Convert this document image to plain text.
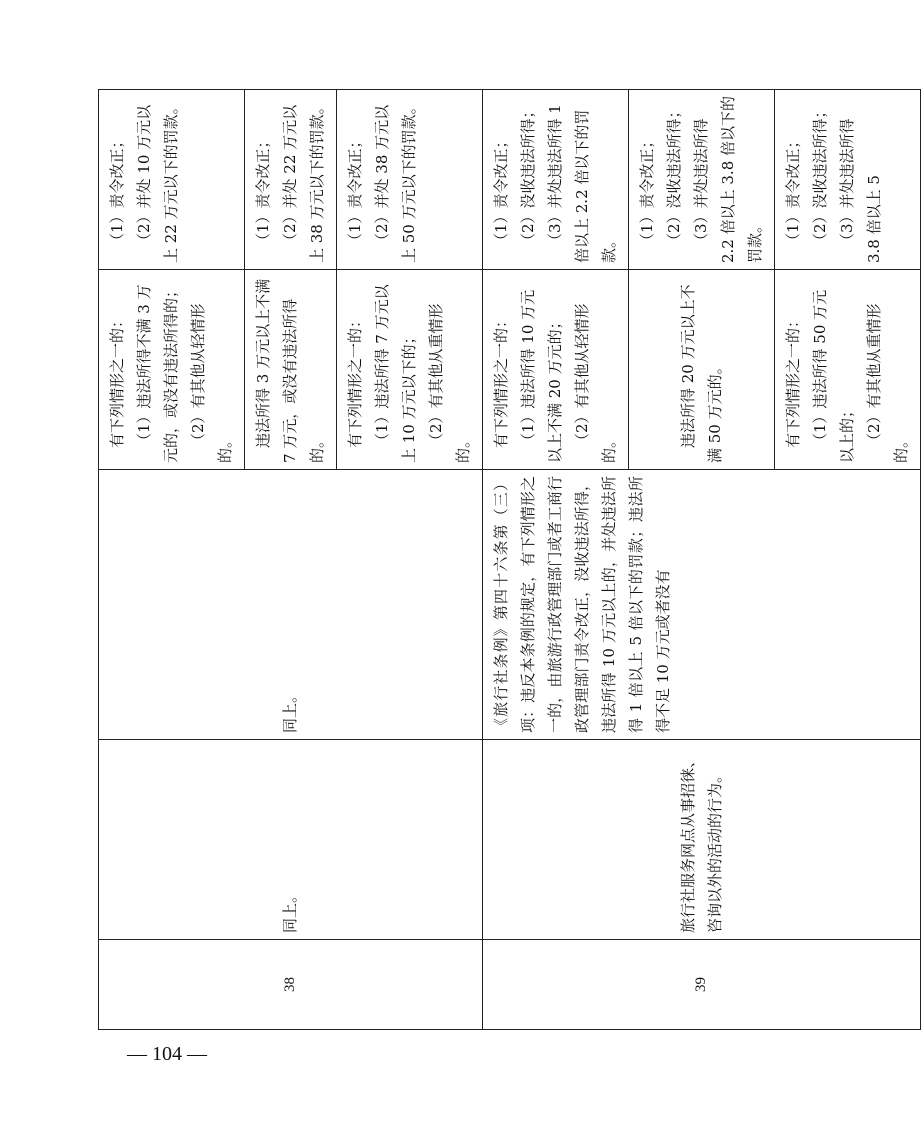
38	同上。	同上。	有下列情形之一的： （1）违法所得不满 3 万元的，或没有违法所得的； （2）有其他从轻情形的。	（1）责令改正； （2）并处 10 万元以上 22 万元以下的罚款。

			违法所得 3 万元以上不满 7 万元，或没有违法所得的。	（1）责令改正； （2）并处 22 万元以上 38 万元以下的罚款。

			有下列情形之一的： （1）违法所得 7 万元以上 10 万元以下的； （2）有其他从重情形的。	（1）责令改正； （2）并处 38 万元以上 50 万元以下的罚款。

39	旅行社服务网点从事招徕、咨询以外的活动的行为。	《旅行社条例》第四十六条第（三）项：违反本条例的规定，有下列情形之一的，由旅游行政管理部门或者工商行政管理部门责令改正，没收违法所得，违法所得 10 万元以上的，并处违法所得 1 倍以上 5 倍以下的罚款；违法所得不足 10 万元或者没有	有下列情形之一的： （1）违法所得 10 万元以上不满 20 万元的； （2）有其他从轻情形的。	（1）责令改正； （2）没收违法所得； （3）并处违法所得 1 倍以上 2.2 倍以下的罚款。

			违法所得 20 万元以上不满 50 万元的。	（1）责令改正； （2）没收违法所得； （3）并处违法所得 2.2 倍以上 3.8 倍以下的罚款。

			有下列情形之一的： （1）违法所得 50 万元以上的； （2）有其他从重情形的。	（1）责令改正； （2）没收违法所得； （3）并处违法所得 3.8 倍以上 5
— 104 —
